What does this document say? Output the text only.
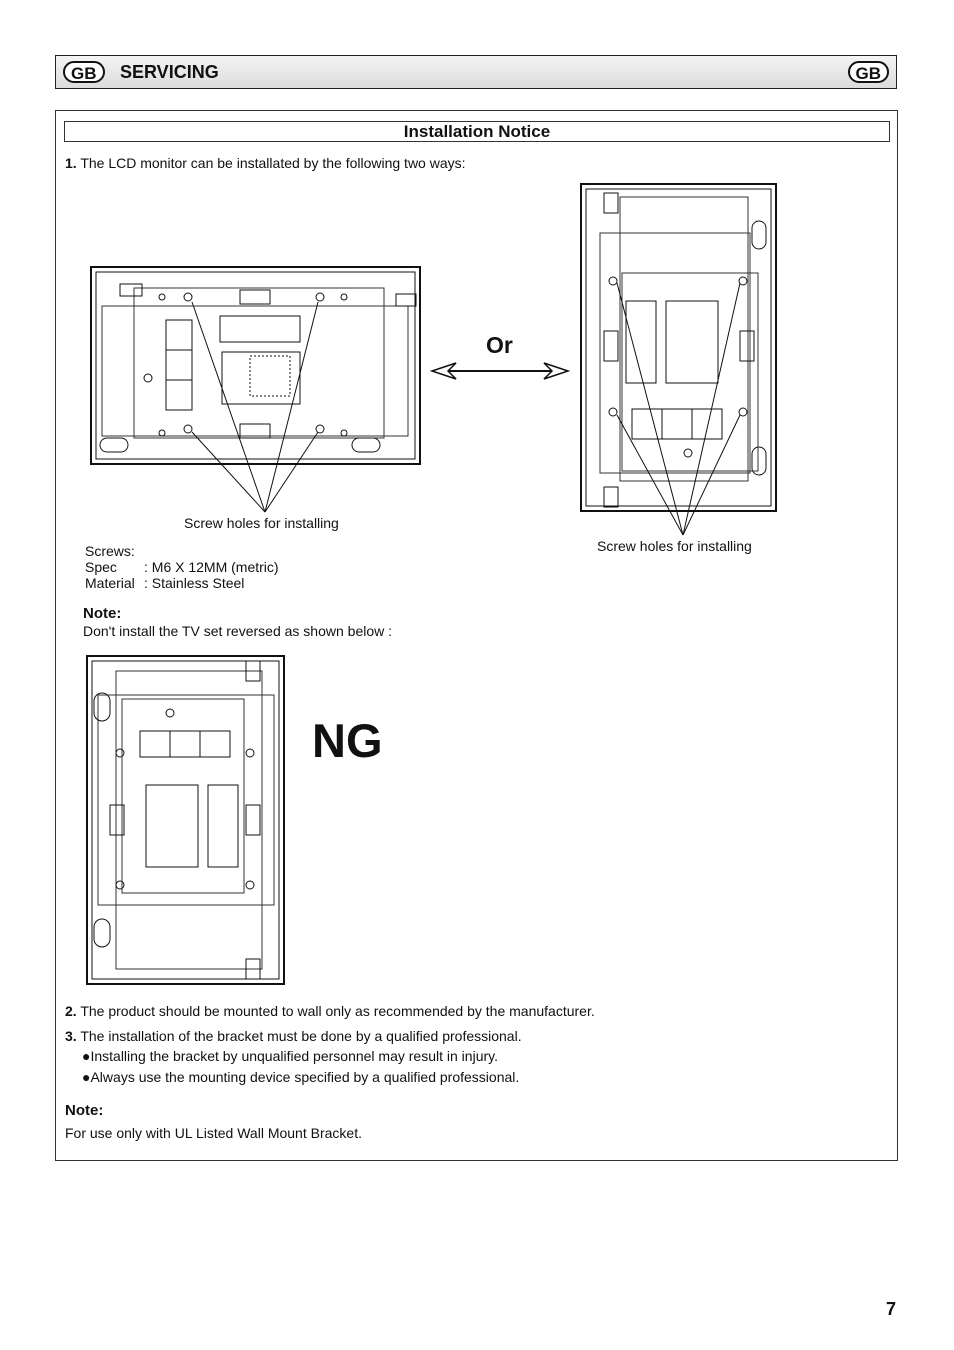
GB	SERVICING	GB
Installation Notice
1. The LCD monitor can be installated by the following two ways:
Or
Screw holes for installing
Screw holes for installing
Screws:
Spec : M6 X 12MM (metric)
Material : Stainless Steel
Note:
Don't install the TV set reversed as shown below :
NG
2. The product should be mounted to wall only as recommended by the manufacturer.
3. The installation of the bracket must be done by a qualified professional.
●Installing the bracket by unqualified personnel may result in injury.
●Always use the mounting device specified by a qualified professional.
Note:
For use only with UL Listed Wall Mount Bracket.
7
